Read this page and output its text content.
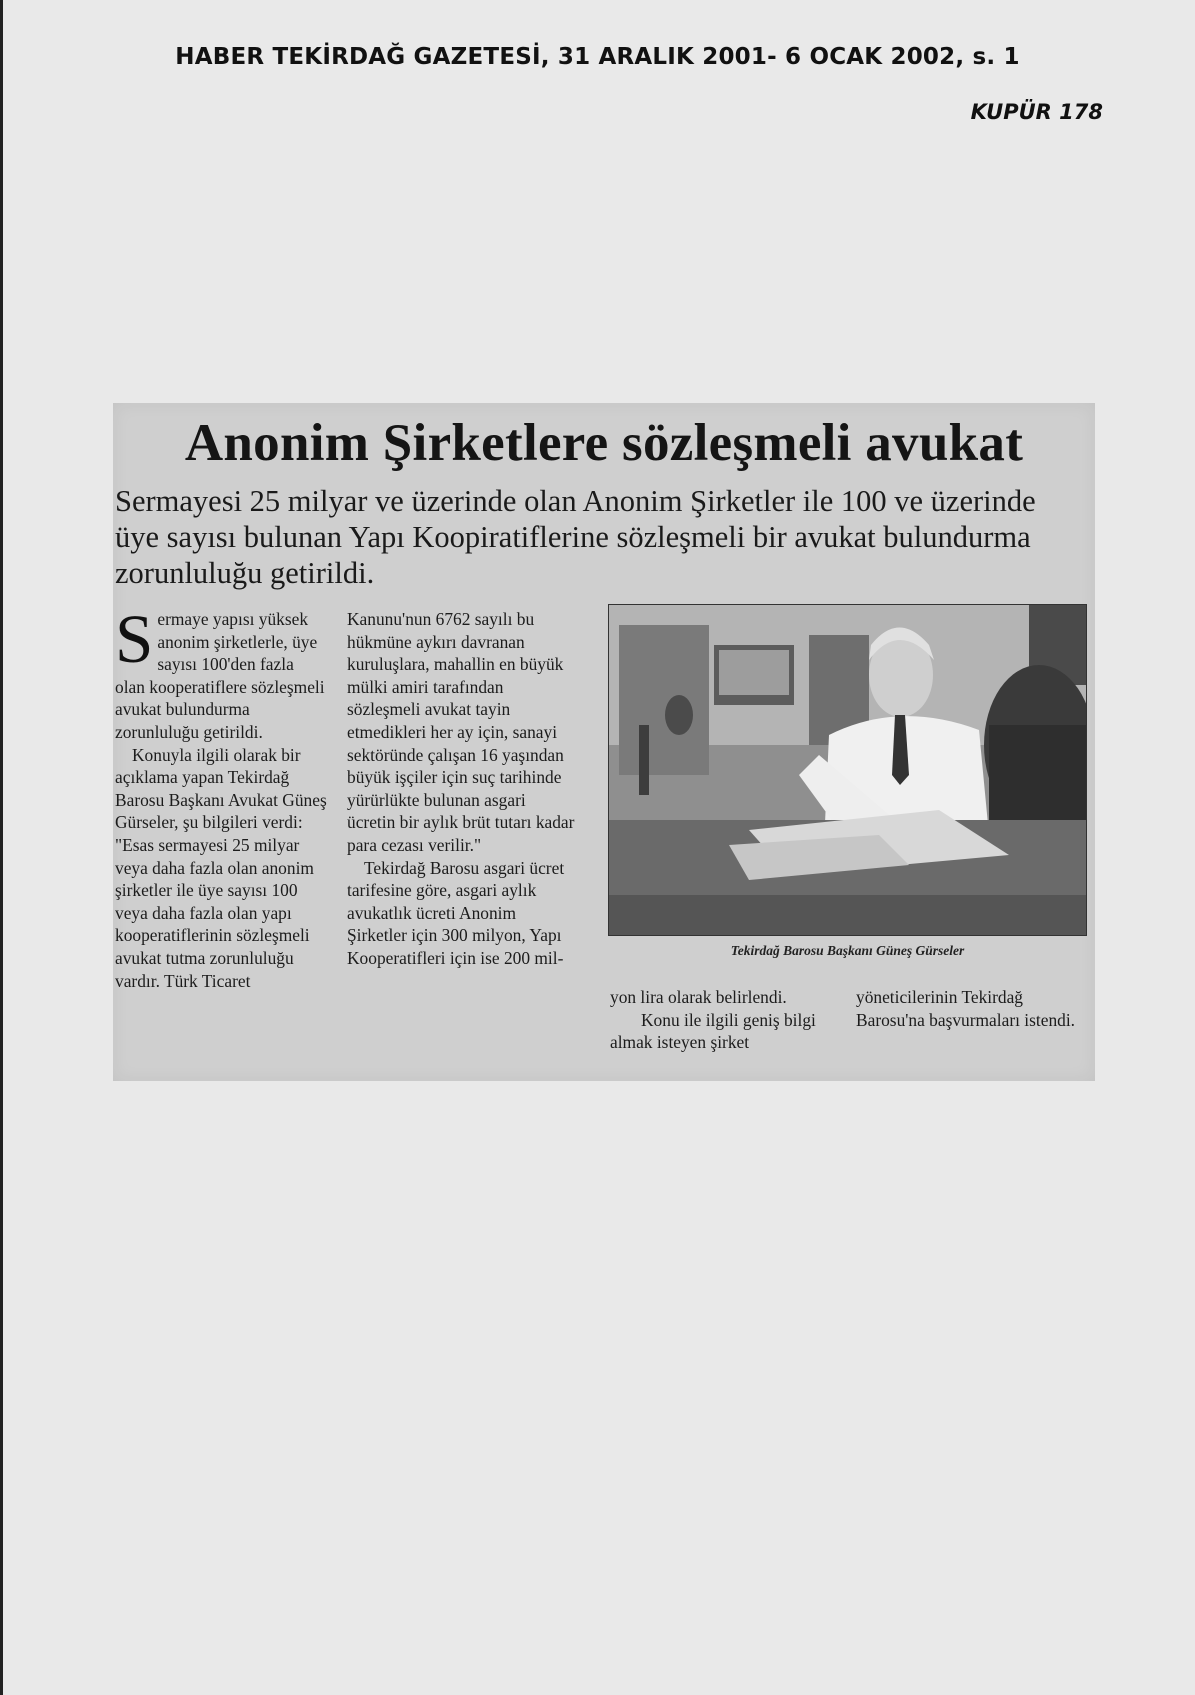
HABER TEKİRDAĞ GAZETESİ, 31 ARALIK 2001- 6 OCAK 2002, s. 1
KUPÜR 178
Anonim Şirketlere sözleşmeli avukat
Sermayesi 25 milyar ve üzerinde olan Anonim Şirketler ile 100 ve üzerinde üye sayısı bulunan Yapı Koopiratiflerine sözleşmeli bir avukat bulundurma zorunluluğu getirildi.

Sermaye yapısı yüksek anonim şirketlerle, üye sayısı 100'den fazla olan kooperatiflere sözleşmeli avukat bulundurma zorunluluğu getirildi.

Konuyla ilgili olarak bir açıklama yapan Tekirdağ Barosu Başkanı Avukat Güneş Gürseler, şu bilgileri verdi: "Esas sermayesi 25 milyar veya daha fazla olan anonim şirketler ile üye sayısı 100 veya daha fazla olan yapı kooperatiflerinin sözleşmeli avukat tutma zorunluluğu vardır. Türk Ticaret

Kanunu'nun 6762 sayılı bu hükmüne aykırı davranan kuruluşlara, mahallin en büyük mülki amiri tarafından sözleşmeli avukat tayin etmedikleri her ay için, sanayi sektöründe çalışan 16 yaşından büyük işçiler için suç tarihinde yürürlükte bulunan asgari ücretin bir aylık brüt tutarı kadar para cezası verilir."

Tekirdağ Barosu asgari ücret tarifesine göre, asgari aylık avukatlık ücreti Anonim Şirketler için 300 milyon, Yapı Kooperatifleri için ise 200 mil-	Tekirdağ Barosu Başkanı Güneş Gürseler

yon lira olarak belirlendi.

Konu ile ilgili geniş bilgi almak isteyen şirket

yöneticilerinin Tekirdağ Barosu'na başvurmaları istendi.
